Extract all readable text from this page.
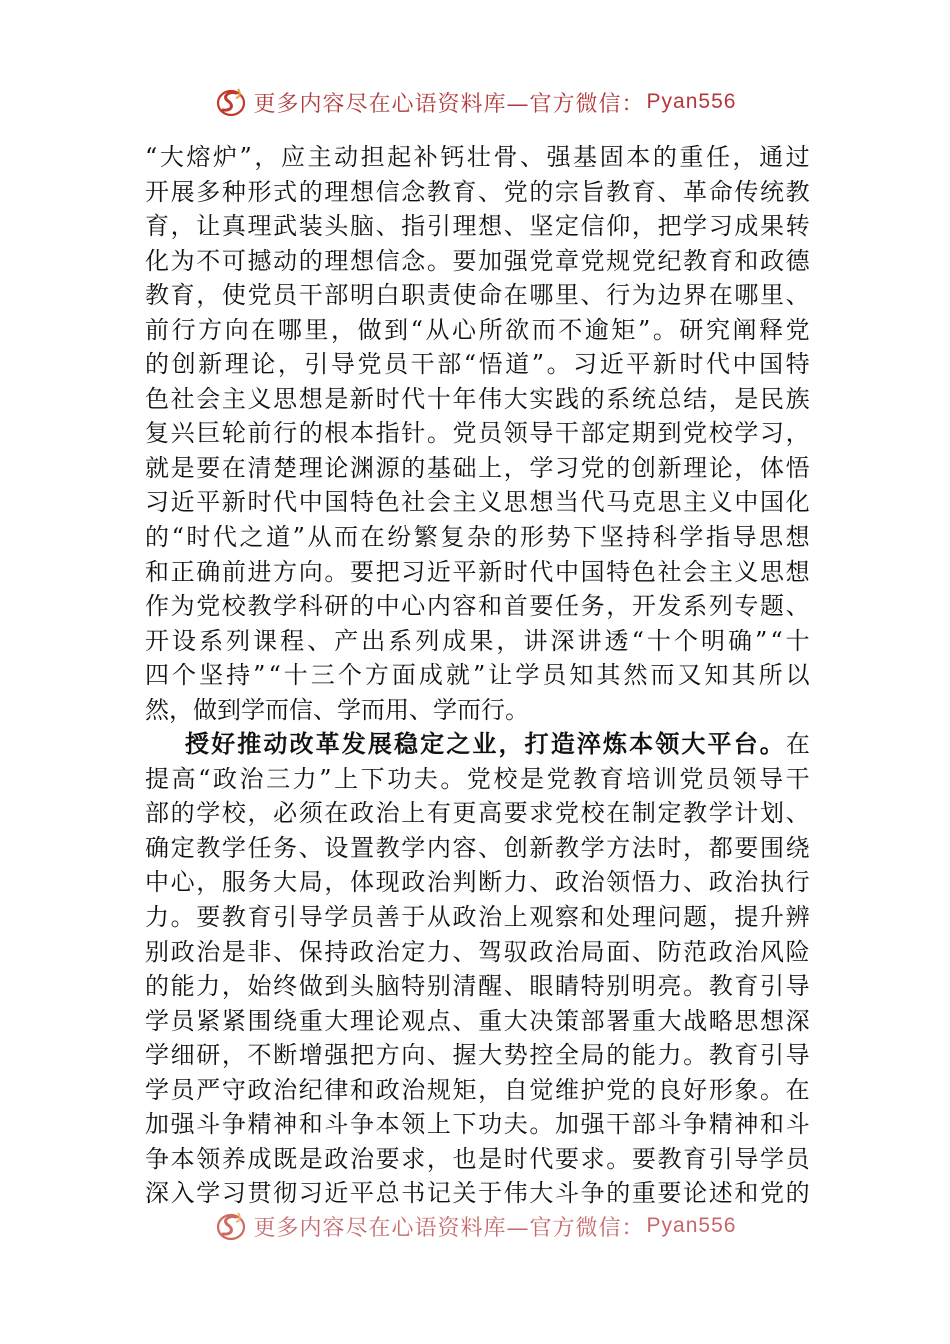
更多内容尽在心语资料库—官方微信： Pyan556
“ 大 熔 炉 ” ， 应 主 动 担 起 补 钙 壮 骨 、 强 基 固 本 的 重 任 ， 通 过
开 展 多 种 形 式 的 理 想 信 念 教 育 、 党 的 宗 旨 教 育 、 革 命 传 统 教
育 ， 让 真 理 武 装 头 脑 、 指 引 理 想 、 坚 定 信 仰 ， 把 学 习 成 果 转
化 为 不 可 撼 动 的 理 想 信 念 。 要 加 强 党 章 党 规 党 纪 教 育 和 政 德
教 育 ， 使 党 员 干 部 明 白 职 责 使 命 在 哪 里 、 行 为 边 界 在 哪 里 、
前 行 方 向 在 哪 里 ， 做 到 “ 从 心 所 欲 而 不 逾 矩 ” 。 研 究 阐 释 党
的 创 新 理 论 ， 引 导 党 员 干 部 “ 悟 道 ” 。 习 近 平 新 时 代 中 国 特
色 社 会 主 义 思 想 是 新 时 代 十 年 伟 大 实 践 的 系 统 总 结 ， 是 民 族
复 兴 巨 轮 前 行 的 根 本 指 针 。 党 员 领 导 干 部 定 期 到 党 校 学 习 ，
就 是 要 在 清 楚 理 论 渊 源 的 基 础 上 ， 学 习 党 的 创 新 理 论 ， 体 悟
习 近 平 新 时 代 中 国 特 色 社 会 主 义 思 想 当 代 马 克 思 主 义 中 国 化
的 “ 时 代 之 道 ” 从 而 在 纷 繁 复 杂 的 形 势 下 坚 持 科 学 指 导 思 想
和 正 确 前 进 方 向 。 要 把 习 近 平 新 时 代 中 国 特 色 社 会 主 义 思 想
作 为 党 校 教 学 科 研 的 中 心 内 容 和 首 要 任 务 ， 开 发 系 列 专 题 、
开 设 系 列 课 程 、 产 出 系 列 成 果 ， 讲 深 讲 透 “ 十 个 明 确 ” “ 十
四 个 坚 持 ” “ 十 三 个 方 面 成 就 ” 让 学 员 知 其 然 而 又 知 其 所 以
然，做到学而信、学而用、学而行。
授 好 推 动 改 革 发 展 稳 定 之 业 ， 打 造 淬 炼 本 领 大 平 台 。 在
提 高 “ 政 治 三 力 ” 上 下 功 夫 。 党 校 是 党 教 育 培 训 党 员 领 导 干
部 的 学 校 ， 必 须 在 政 治 上 有 更 高 要 求 党 校 在 制 定 教 学 计 划 、
确 定 教 学 任 务 、 设 置 教 学 内 容 、 创 新 教 学 方 法 时 ， 都 要 围 绕
中 心 ， 服 务 大 局 ， 体 现 政 治 判 断 力 、 政 治 领 悟 力 、 政 治 执 行
力 。 要 教 育 引 导 学 员 善 于 从 政 治 上 观 察 和 处 理 问 题 ， 提 升 辨
别 政 治 是 非 、 保 持 政 治 定 力 、 驾 驭 政 治 局 面 、 防 范 政 治 风 险
的 能 力 ， 始 终 做 到 头 脑 特 别 清 醒 、 眼 睛 特 别 明 亮 。 教 育 引 导
学 员 紧 紧 围 绕 重 大 理 论 观 点 、 重 大 决 策 部 署 重 大 战 略 思 想 深
学 细 研 ， 不 断 增 强 把 方 向 、 握 大 势 控 全 局 的 能 力 。 教 育 引 导
学 员 严 守 政 治 纪 律 和 政 治 规 矩 ， 自 觉 维 护 党 的 良 好 形 象 。 在
加 强 斗 争 精 神 和 斗 争 本 领 上 下 功 夫 。 加 强 干 部 斗 争 精 神 和 斗
争 本 领 养 成 既 是 政 治 要 求 ， 也 是 时 代 要 求 。 要 教 育 引 导 学 员
深 入 学 习 贯 彻 习 近 平 总 书 记 关 于 伟 大 斗 争 的 重 要 论 述 和 党 的
更多内容尽在心语资料库—官方微信： Pyan556
